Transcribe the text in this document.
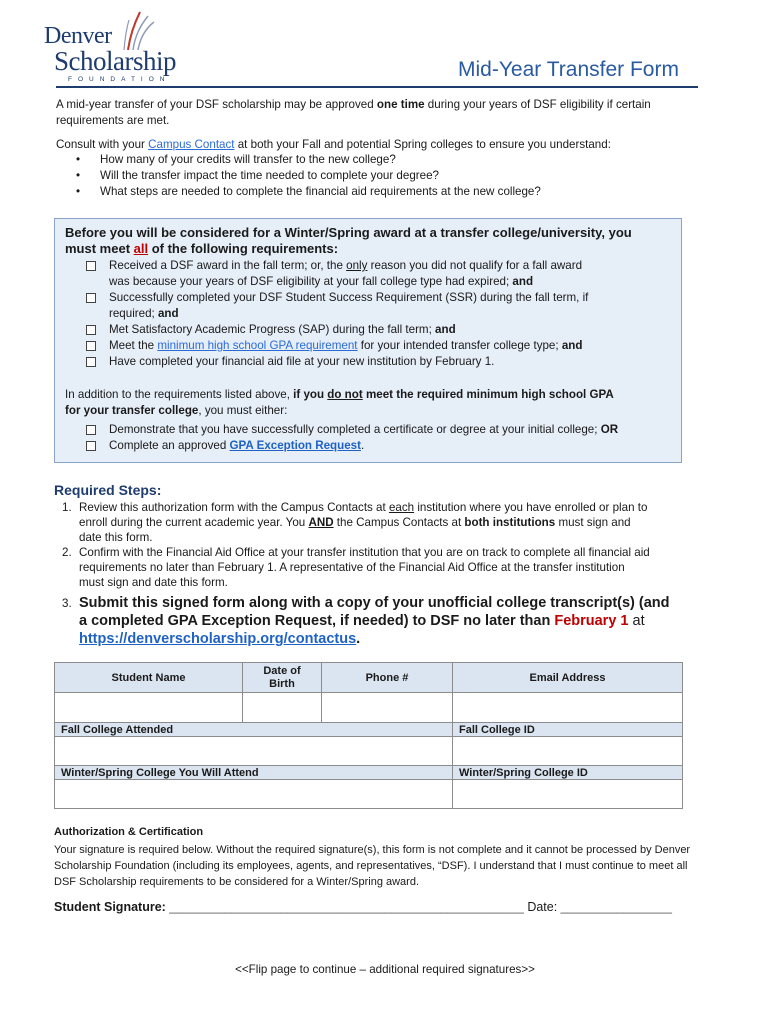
Denver
Scholarship
FOUNDATION	Mid-Year Transfer Form
A mid-year transfer of your DSF scholarship may be approved one time during your years of DSF eligibility if certain
requirements are met.
Consult with your Campus Contact at both your Fall and potential Spring colleges to ensure you understand:
• How many of your credits will transfer to the new college?
• Will the transfer impact the time needed to complete your degree?
• What steps are needed to complete the financial aid requirements at the new college?
Before you will be considered for a Winter/Spring award at a transfer college/university, you
must meet all of the following requirements:
Received a DSF award in the fall term; or, the only reason you did not qualify for a fall award
was because your years of DSF eligibility at your fall college type had expired; and
Successfully completed your DSF Student Success Requirement (SSR) during the fall term, if
required; and
Met Satisfactory Academic Progress (SAP) during the fall term; and
Meet the minimum high school GPA requirement for your intended transfer college type; and
Have completed your financial aid file at your new institution by February 1.
In addition to the requirements listed above, if you do not meet the required minimum high school GPA
for your transfer college, you must either:
Demonstrate that you have successfully completed a certificate or degree at your initial college; OR
Complete an approved GPA Exception Request.
Required Steps:
1. Review this authorization form with the Campus Contacts at each institution where you have enrolled or plan to
enroll during the current academic year. You AND the Campus Contacts at both institutions must sign and
date this form.
2. Confirm with the Financial Aid Office at your transfer institution that you are on track to complete all financial aid
requirements no later than February 1. A representative of the Financial Aid Office at the transfer institution
must sign and date this form.
3. Submit this signed form along with a copy of your unofficial college transcript(s) (and
a completed GPA Exception Request, if needed) to DSF no later than February 1 at
https://denverscholarship.org/contactus.
Student Name	Date of
Birth	Phone #	Email Address

Fall College Attended			Fall College ID

Winter/Spring College You Will Attend			Winter/Spring College ID

Authorization & Certification
Your signature is required below. Without the required signature(s), this form is not complete and it cannot be processed by Denver
Scholarship Foundation (including its employees, agents, and representatives, “DSF). I understand that I must continue to meet all
DSF Scholarship requirements to be considered for a Winter/Spring award.
Student Signature: ___________________________________________________ Date: ________________
<<Flip page to continue – additional required signatures>>
